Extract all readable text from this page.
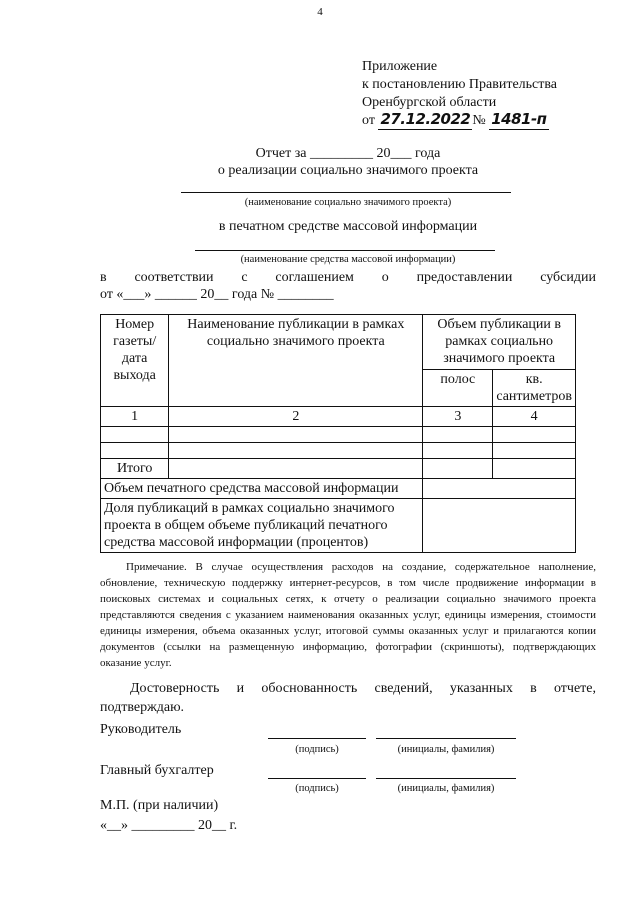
4
Приложение
к постановлению Правительства
Оренбургской области
от 27.12.2022 № 1481-п
Отчет за _________ 20___ года
о реализации социально значимого проекта
(наименование социально значимого проекта)
в печатном средстве массовой информации
(наименование средства массовой информации)
в соответствии с соглашением о предоставлении субсидии
от «___» ______ 20__ года № ________
Номер газеты/ дата выхода	Наименование публикации в рамках социально значимого проекта	Объем публикации в рамках социально значимого проекта	
		полос	кв. сантиметров
1	2	3	4

Итого			
Объем печатного средства массовой информации			
Доля публикаций в рамках социально значимого проекта в общем объеме публикаций печатного средства массовой информации (процентов)			
Примечание. В случае осуществления расходов на создание, содержательное наполнение, обновление, техническую поддержку интернет-ресурсов, в том числе продвижение информации в поисковых системах и социальных сетях, к отчету о реализации социально значимого проекта представляются сведения с указанием наименования оказанных услуг, единицы измерения, стоимости единицы измерения, объема оказанных услуг, итоговой суммы оказанных услуг и прилагаются копии документов (ссылки на размещенную информацию, фотографии (скриншоты), подтверждающих оказание услуг.
Достоверность и обоснованность сведений, указанных в отчете, подтверждаю.
Руководитель
(подпись)	(инициалы, фамилия)
Главный бухгалтер
(подпись)	(инициалы, фамилия)
М.П. (при наличии)
«__» _________ 20__ г.
